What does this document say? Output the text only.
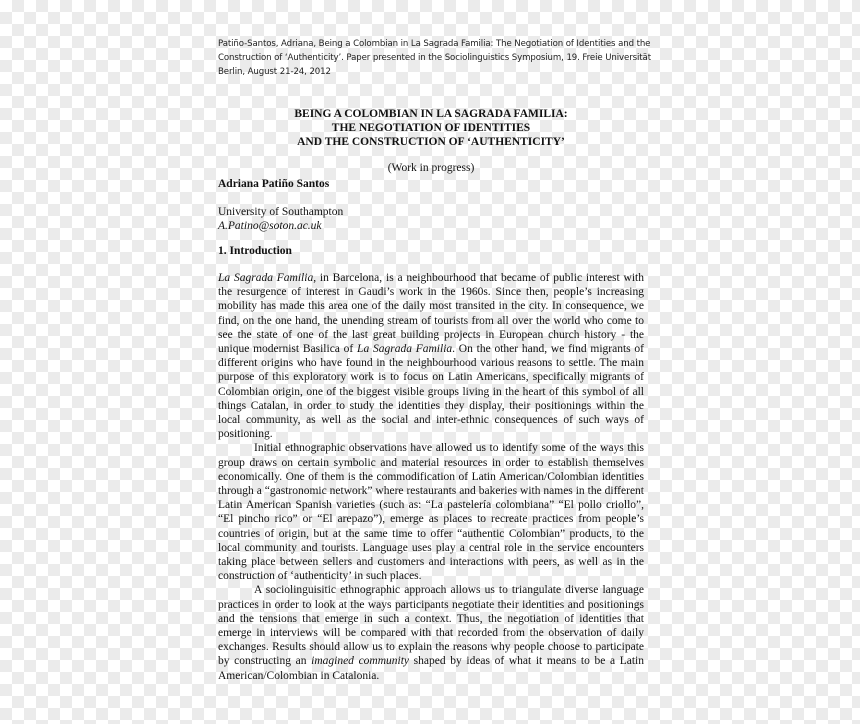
Patiño-Santos, Adriana, Being a Colombian in La Sagrada Familia: The Negotiation of Identities and the
Construction of ‘Authenticity’. Paper presented in the Sociolinguistics Symposium, 19. Freie Universität
Berlin, August 21-24, 2012
BEING A COLOMBIAN IN LA SAGRADA FAMILIA:
THE NEGOTIATION OF IDENTITIES
AND THE CONSTRUCTION OF ‘AUTHENTICITY’
(Work in progress)
Adriana Patiño Santos
University of Southampton
A.Patino@soton.ac.uk
1. Introduction

La Sagrada Familia, in Barcelona, is a neighbourhood that became of public interest with the resurgence of interest in Gaudi’s work in the 1960s. Since then, people’s increasing mobility has made this area one of the daily most transited in the city. In consequence, we find, on the one hand, the unending stream of tourists from all over the world who come to see the state of one of the last great building projects in European church history - the unique modernist Basilica of La Sagrada Familia. On the other hand, we find migrants of different origins who have found in the neighbourhood various reasons to settle. The main purpose of this exploratory work is to focus on Latin Americans, specifically migrants of Colombian origin, one of the biggest visible groups living in the heart of this symbol of all things Catalan, in order to study the identities they display, their positionings within the local community, as well as the social and inter-ethnic consequences of such ways of positioning.

Initial ethnographic observations have allowed us to identify some of the ways this group draws on certain symbolic and material resources in order to establish themselves economically. One of them is the commodification of Latin American/Colombian identities through a “gastronomic network” where restaurants and bakeries with names in the different Latin American Spanish varieties (such as: “La pastelería colombiana” “El pollo criollo”, “El pincho rico” or “El arepazo”), emerge as places to recreate practices from people’s countries of origin, but at the same time to offer “authentic Colombian” products, to the local community and tourists. Language uses play a central role in the service encounters taking place between sellers and customers and interactions with peers, as well as in the construction of ‘authenticity’ in such places.

A sociolinguisitic ethnographic approach allows us to triangulate diverse language practices in order to look at the ways participants negotiate their identities and positionings and the tensions that emerge in such a context. Thus, the negotiation of identities that emerge in interviews will be compared with that recorded from the observation of daily exchanges. Results should allow us to explain the reasons why people choose to participate by constructing an imagined community shaped by ideas of what it means to be a Latin American/Colombian in Catalonia.
